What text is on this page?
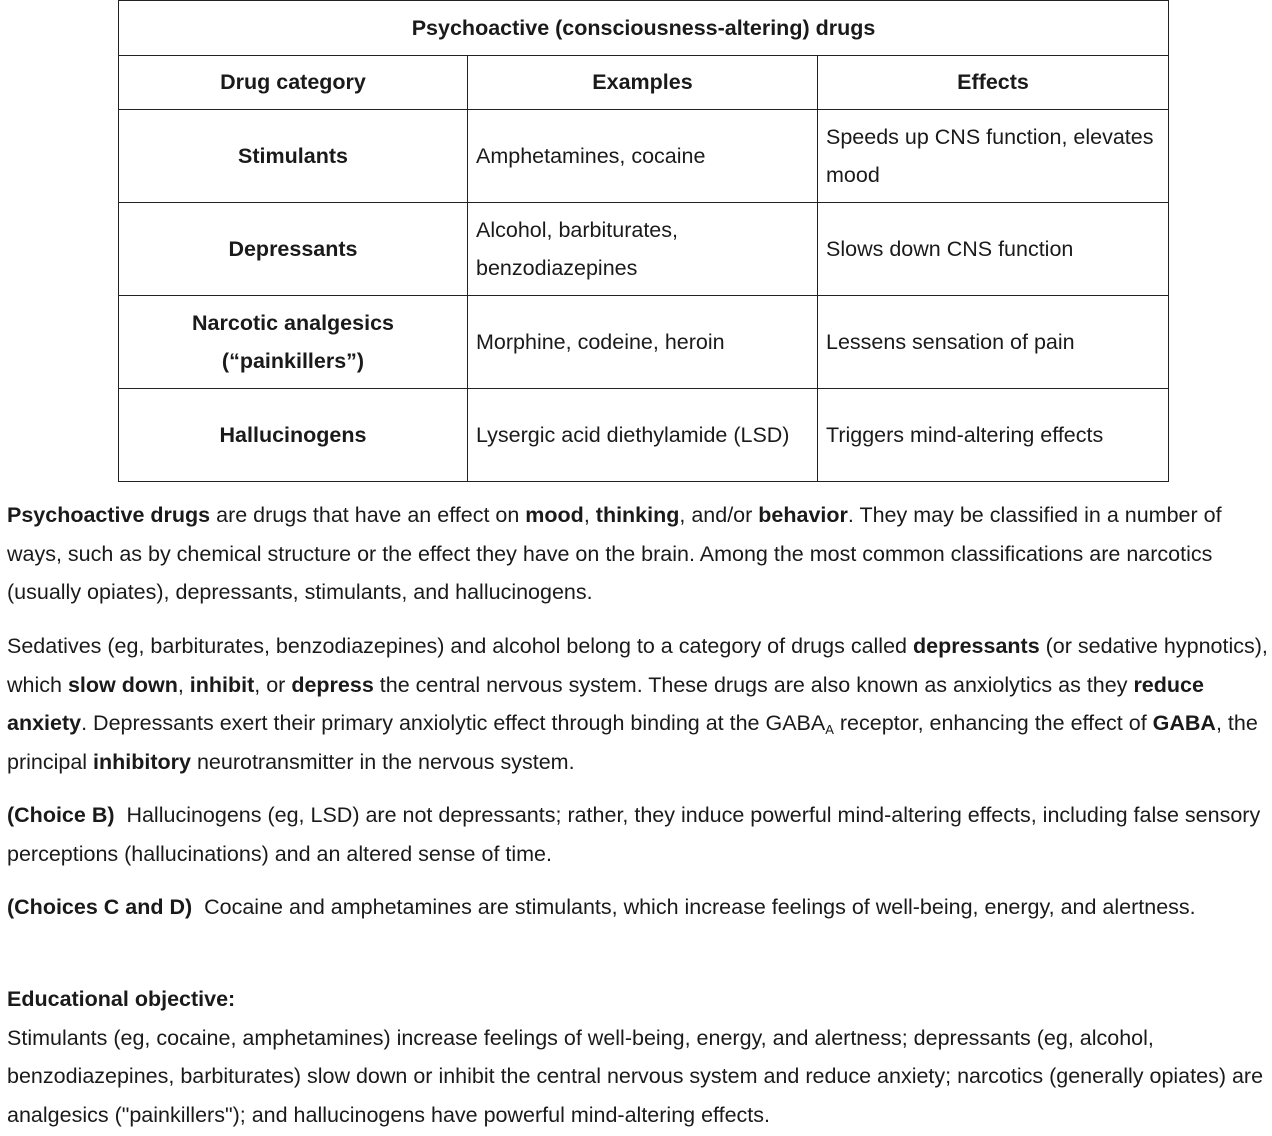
Psychoactive (consciousness-altering) drugs		
Drug category	Examples	Effects
Stimulants	Amphetamines, cocaine	Speeds up CNS function, elevates mood
Depressants	Alcohol, barbiturates, benzodiazepines	Slows down CNS function
Narcotic analgesics
(“painkillers”)	Morphine, codeine, heroin	Lessens sensation of pain
Hallucinogens	Lysergic acid diethylamide (LSD)	Triggers mind-altering effects

Psychoactive drugs are drugs that have an effect on mood, thinking, and/or behavior. They may be classified in a number of ways, such as by chemical structure or the effect they have on the brain. Among the most common classifications are narcotics (usually opiates), depressants, stimulants, and hallucinogens.

Sedatives (eg, barbiturates, benzodiazepines) and alcohol belong to a category of drugs called depressants (or sedative hypnotics), which slow down, inhibit, or depress the central nervous system. These drugs are also known as anxiolytics as they reduce anxiety. Depressants exert their primary anxiolytic effect through binding at the $GABA_A$ receptor, enhancing the effect of GABA, the principal inhibitory neurotransmitter in the nervous system.

(Choice B)  Hallucinogens (eg, LSD) are not depressants; rather, they induce powerful mind-altering effects, including false sensory perceptions (hallucinations) and an altered sense of time.

(Choices C and D)  Cocaine and amphetamines are stimulants, which increase feelings of well-being, energy, and alertness.

Educational objective:

Stimulants (eg, cocaine, amphetamines) increase feelings of well-being, energy, and alertness; depressants (eg, alcohol, benzodiazepines, barbiturates) slow down or inhibit the central nervous system and reduce anxiety; narcotics (generally opiates) are analgesics ("painkillers"); and hallucinogens have powerful mind-altering effects.
